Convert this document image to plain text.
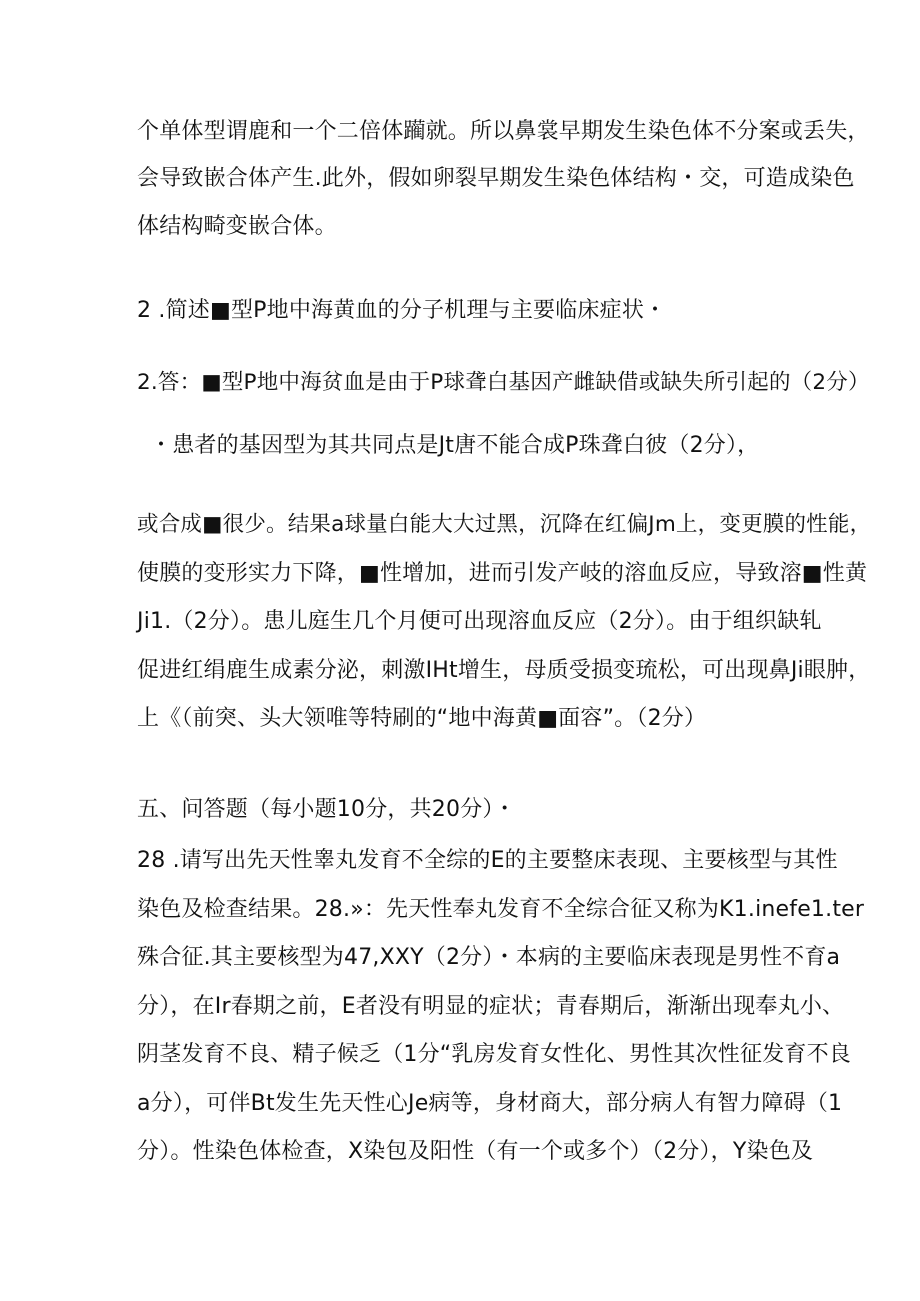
个单体型谓鹿和一个二倍体躏就。所以鼻裳早期发生染色体不分案或丢失，
会导致嵌合体产生.此外，假如卵裂早期发生染色体结构・交，可造成染色
体结构畸变嵌合体。
2 .简述■型P地中海黄血的分子机理与主要临床症状・
2.答：■型P地中海贫血是由于P球聋白基因产雌缺借或缺失所引起的（2分）
・患者的基因型为其共同点是Jt唐不能合成P珠聋白彼（2分），
或合成■很少。结果a球量白能大大过黑，沉降在红偏Jm上，变更膜的性能，
使膜的变形实力下降，■性增加，进而引发产岐的溶血反应，导致溶■性黄
Ji1.（2分）。患儿庭生几个月便可出现溶血反应（2分）。由于组织缺轧
促进红绢鹿生成素分泌，刺激IHt增生，母质受损变琉松，可出现鼻Ji眼肿，
上《（前突、头大领唯等特刷的“地中海黄■面容”。（2分）
五、问答题（每小题10分，共20分）・
28 .请写出先天性睾丸发育不全综的E的主要整床表现、主要核型与其性
染色及检查结果。28.»：先天性奉丸发育不全综合征又称为K1.inefe1.ter
殊合征.其主要核型为47,XXY（2分）・本病的主要临床表现是男性不育a
分），在Ir春期之前，E者没有明显的症状；青春期后，渐渐出现奉丸小、
阴茎发育不良、精子候乏（1分“乳房发育女性化、男性其次性征发育不良
a分），可伴Bt发生先天性心Je病等，身材商大，部分病人有智力障碍（1
分）。性染色体检查，X染包及阳性（有一个或多个）（2分），Y染色及
